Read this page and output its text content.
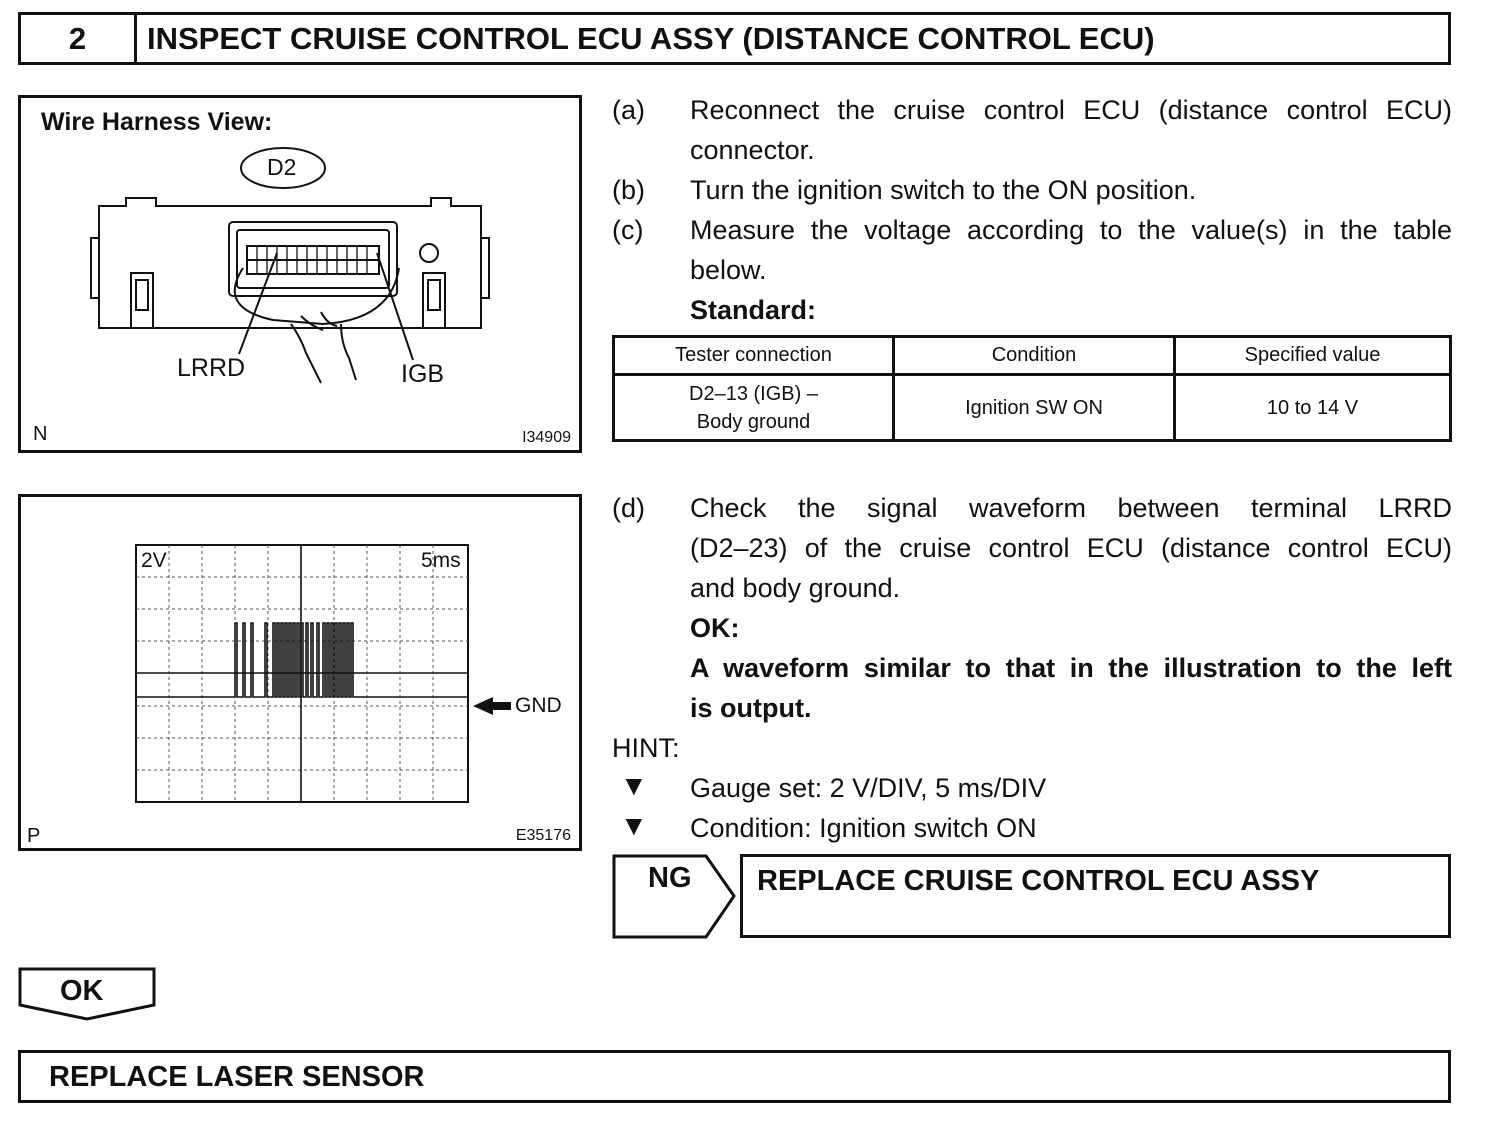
2	INSPECT CRUISE CONTROL ECU ASSY (DISTANCE CONTROL ECU)
Wire Harness View:
D2
LRRD	IGB
N	I34909
(a)	Reconnect the cruise control ECU (distance control ECU)
connector.
(b)	Turn the ignition switch to the ON position.
(c)	Measure the voltage according to the value(s) in the table
below.
Standard:
Tester connection	Condition	Specified value

D2–13 (IGB) –
Body ground	Ignition SW ON	10 to 14 V
2V	5ms
GND
P	E35176
(d)	Check the signal waveform between terminal LRRD
(D2–23) of the cruise control ECU (distance control ECU)
and body ground.
OK:
A waveform similar to that in the illustration to the left
is output.
HINT:
▼ Gauge set: 2 V/DIV, 5 ms/DIV
▼ Condition: Ignition switch ON
NG REPLACE CRUISE CONTROL ECU ASSY
OK
REPLACE LASER SENSOR
